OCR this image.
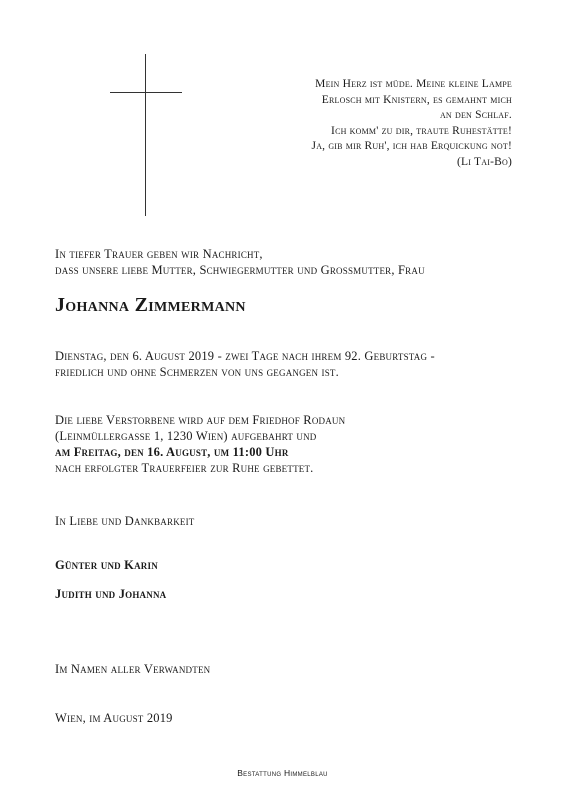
Mein Herz ist müde. Meine kleine Lampe
Erlosch mit Knistern, es gemahnt mich
an den Schlaf.
Ich komm' zu dir, traute Ruhestätte!
Ja, gib mir Ruh', ich hab Erquickung not!
(Li Tai-Bo)
In tiefer Trauer geben wir Nachricht,
dass unsere liebe Mutter, Schwiegermutter und Grossmutter, Frau
Johanna Zimmermann
Dienstag, den 6. August 2019 - zwei Tage nach ihrem 92. Geburtstag -
friedlich und ohne Schmerzen von uns gegangen ist.
Die liebe Verstorbene wird auf dem Friedhof Rodaun
(Leinmüllergasse 1, 1230 Wien) aufgebahrt und
am Freitag, den 16. August, um 11:00 Uhr
nach erfolgter Trauerfeier zur Ruhe gebettet.
In Liebe und Dankbarkeit
Günter und Karin
Judith und Johanna
Im Namen aller Verwandten
Wien, im August 2019
Bestattung Himmelblau
